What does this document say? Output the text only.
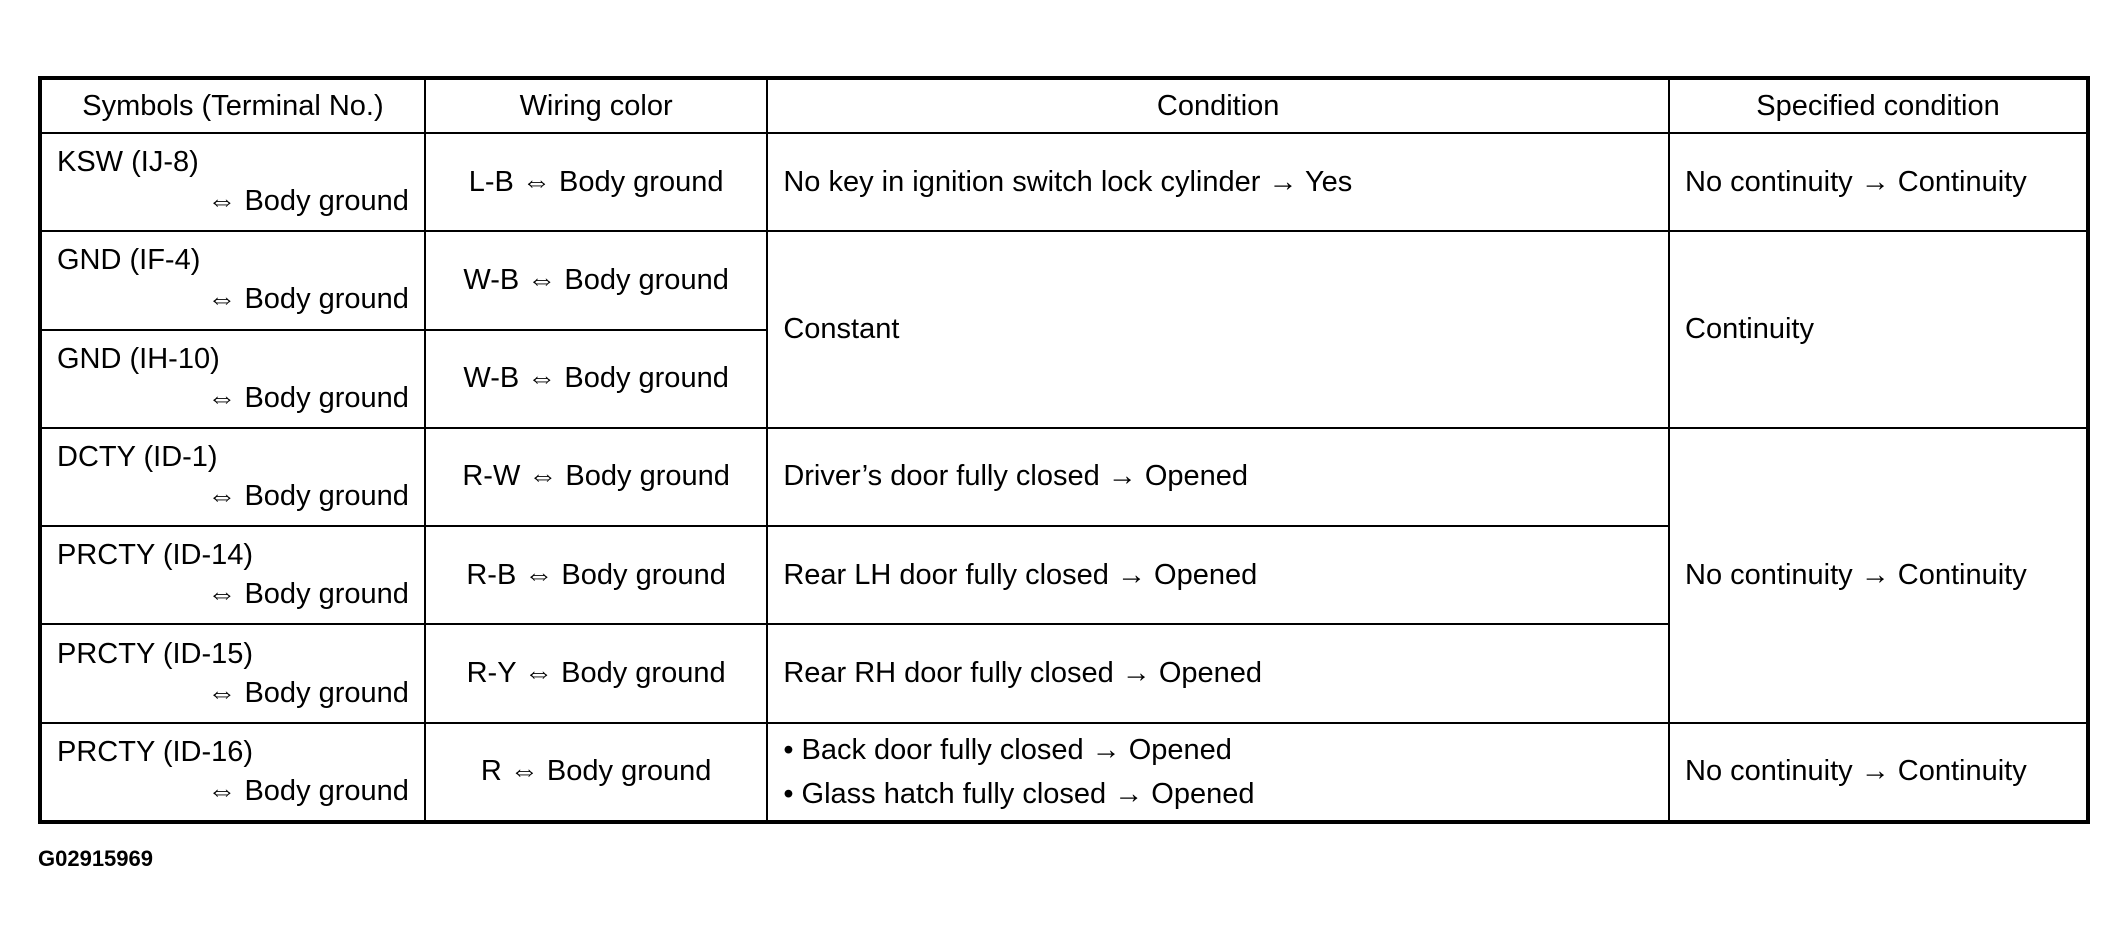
Symbols (Terminal No.)	Wiring color	Condition	Specified condition

KSW (IJ-8)
⇔ Body ground	L-B ⇔ Body ground	No key in ignition switch lock cylinder → Yes	No continuity → Continuity

GND (IF-4)
⇔ Body ground	W-B ⇔ Body ground	Constant	Continuity

GND (IH-10)
⇔ Body ground	W-B ⇔ Body ground		

DCTY (ID-1)
⇔ Body ground	R-W ⇔ Body ground	Driver’s door fully closed → Opened	No continuity → Continuity

PRCTY (ID-14)
⇔ Body ground	R-B ⇔ Body ground	Rear LH door fully closed → Opened	

PRCTY (ID-15)
⇔ Body ground	R-Y ⇔ Body ground	Rear RH door fully closed → Opened	

PRCTY (ID-16)
⇔ Body ground	R ⇔ Body ground	• Back door fully closed → Opened
• Glass hatch fully closed → Opened	No continuity → Continuity
G02915969
